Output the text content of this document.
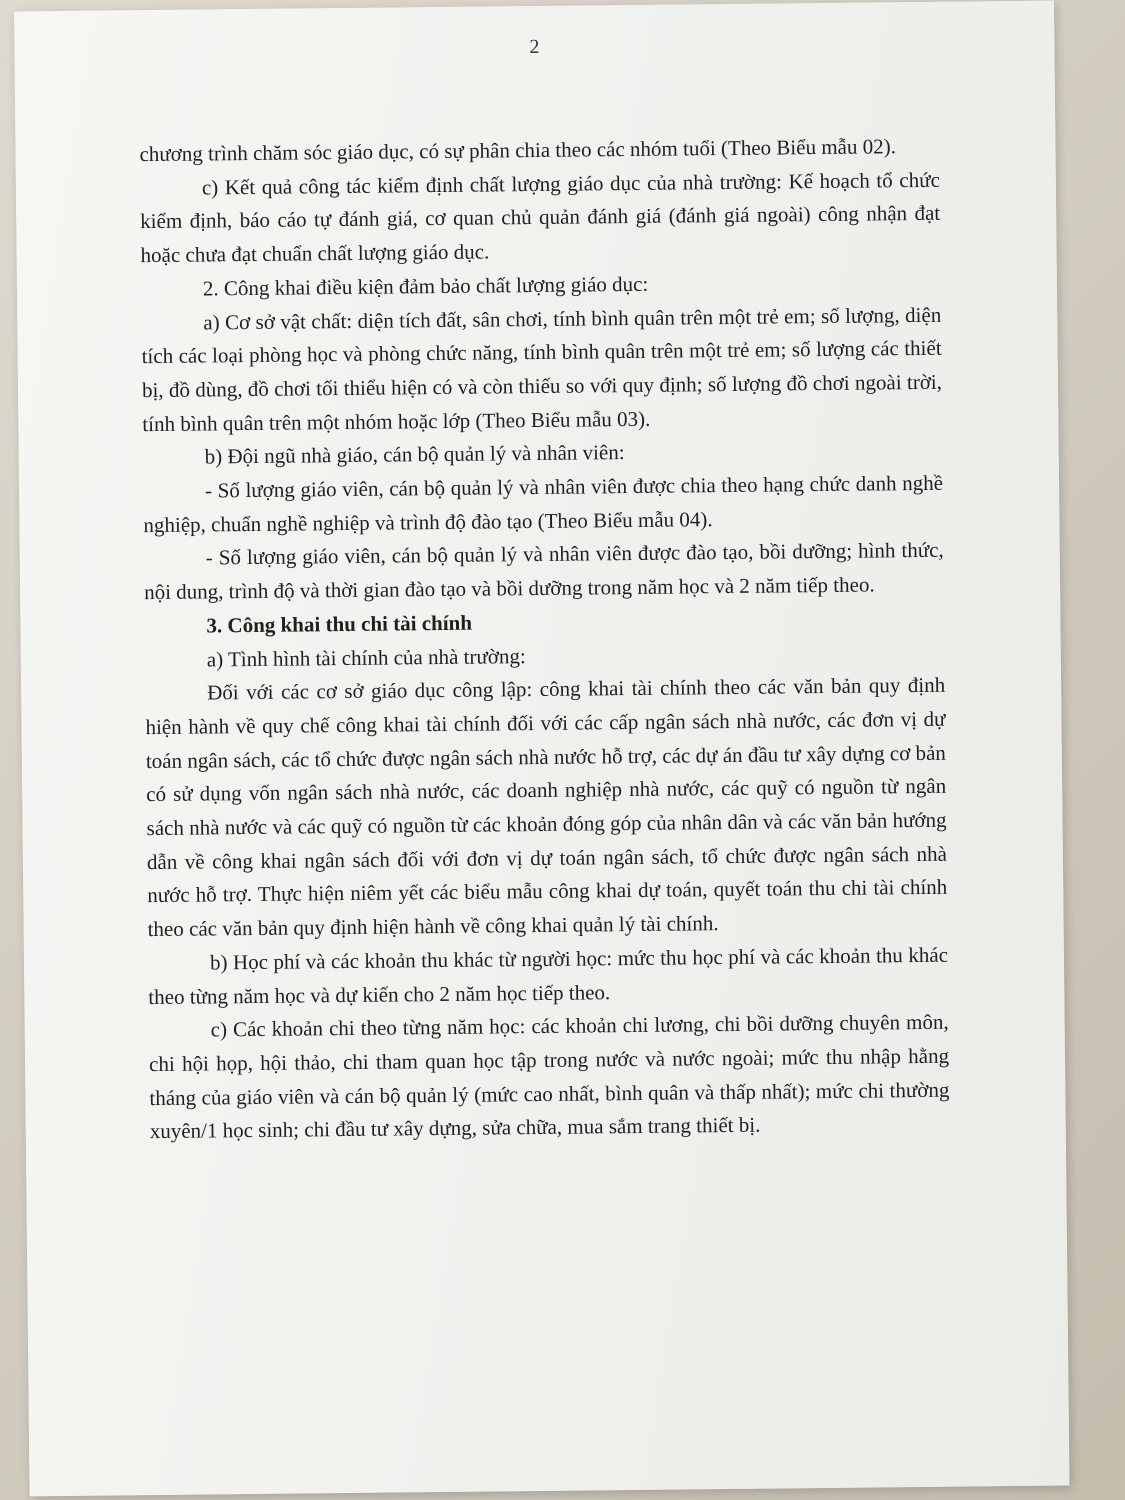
2

chương trình chăm sóc giáo dục, có sự phân chia theo các nhóm tuổi (Theo Biểu mẫu 02).

c) Kết quả công tác kiểm định chất lượng giáo dục của nhà trường: Kế hoạch tổ chức kiểm định, báo cáo tự đánh giá, cơ quan chủ quản đánh giá (đánh giá ngoài) công nhận đạt hoặc chưa đạt chuẩn chất lượng giáo dục.

2. Công khai điều kiện đảm bảo chất lượng giáo dục:

a) Cơ sở vật chất: diện tích đất, sân chơi, tính bình quân trên một trẻ em; số lượng, diện tích các loại phòng học và phòng chức năng, tính bình quân trên một trẻ em; số lượng các thiết bị, đồ dùng, đồ chơi tối thiểu hiện có và còn thiếu so với quy định; số lượng đồ chơi ngoài trời, tính bình quân trên một nhóm hoặc lớp (Theo Biểu mẫu 03).

b) Đội ngũ nhà giáo, cán bộ quản lý và nhân viên:

- Số lượng giáo viên, cán bộ quản lý và nhân viên được chia theo hạng chức danh nghề nghiệp, chuẩn nghề nghiệp và trình độ đào tạo (Theo Biểu mẫu 04).

- Số lượng giáo viên, cán bộ quản lý và nhân viên được đào tạo, bồi dưỡng; hình thức, nội dung, trình độ và thời gian đào tạo và bồi dưỡng trong năm học và 2 năm tiếp theo.

3. Công khai thu chi tài chính

a) Tình hình tài chính của nhà trường:

Đối với các cơ sở giáo dục công lập: công khai tài chính theo các văn bản quy định hiện hành về quy chế công khai tài chính đối với các cấp ngân sách nhà nước, các đơn vị dự toán ngân sách, các tổ chức được ngân sách nhà nước hỗ trợ, các dự án đầu tư xây dựng cơ bản có sử dụng vốn ngân sách nhà nước, các doanh nghiệp nhà nước, các quỹ có nguồn từ ngân sách nhà nước và các quỹ có nguồn từ các khoản đóng góp của nhân dân và các văn bản hướng dẫn về công khai ngân sách đối với đơn vị dự toán ngân sách, tổ chức được ngân sách nhà nước hỗ trợ. Thực hiện niêm yết các biểu mẫu công khai dự toán, quyết toán thu chi tài chính theo các văn bản quy định hiện hành về công khai quản lý tài chính.

b) Học phí và các khoản thu khác từ người học: mức thu học phí và các khoản thu khác theo từng năm học và dự kiến cho 2 năm học tiếp theo.

c) Các khoản chi theo từng năm học: các khoản chi lương, chi bồi dưỡng chuyên môn, chi hội họp, hội thảo, chi tham quan học tập trong nước và nước ngoài; mức thu nhập hằng tháng của giáo viên và cán bộ quản lý (mức cao nhất, bình quân và thấp nhất); mức chi thường xuyên/1 học sinh; chi đầu tư xây dựng, sửa chữa, mua sắm trang thiết bị.
